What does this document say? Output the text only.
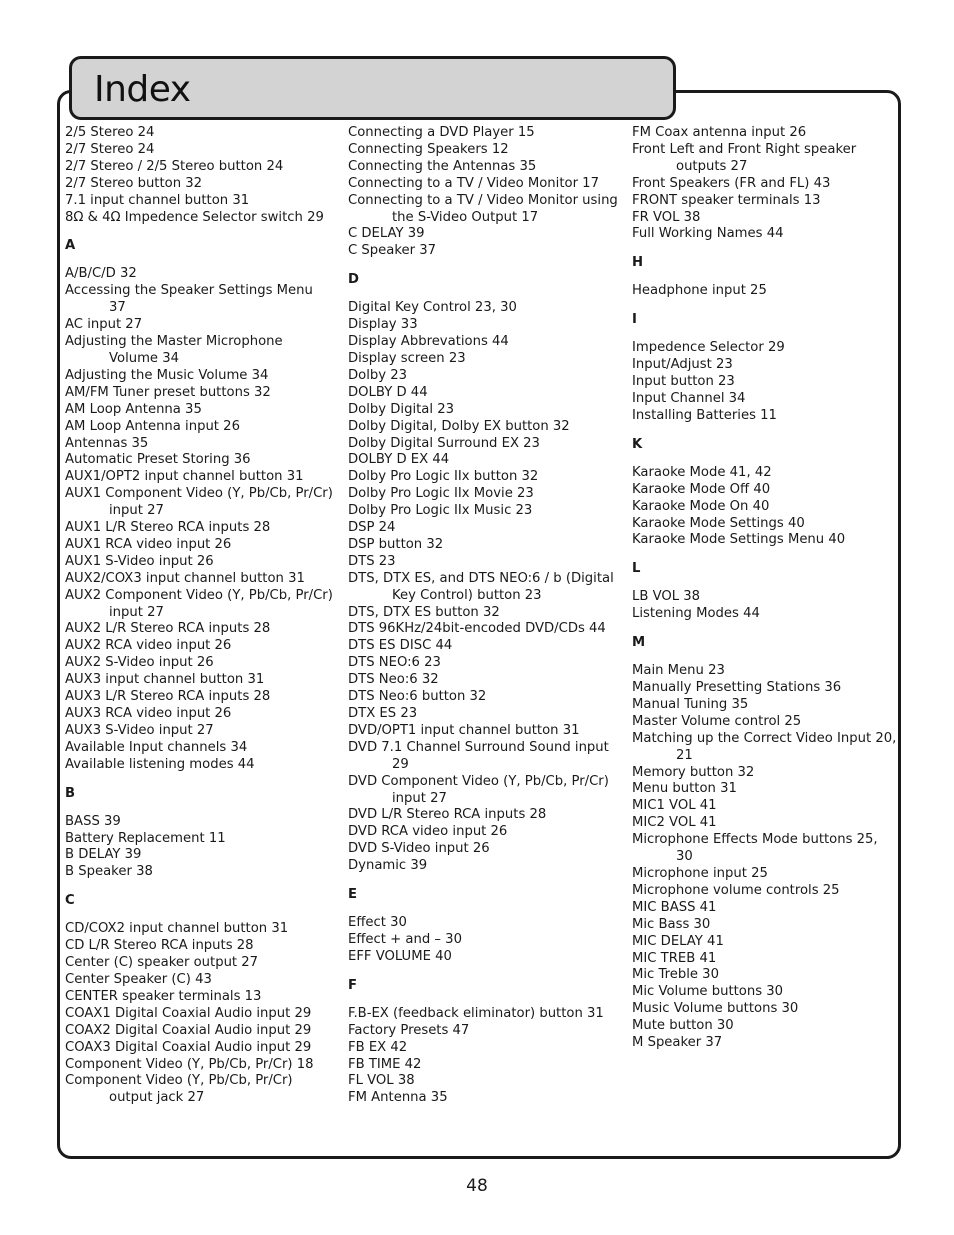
Index
2/5 Stereo 24
2/7 Stereo 24
2/7 Stereo / 2/5 Stereo button 24
2/7 Stereo button 32
7.1 input channel button 31
8Ω & 4Ω Impedence Selector switch 29
A
A/B/C/D 32
Accessing the Speaker Settings Menu 37
AC input 27
Adjusting the Master Microphone Volume 34
Adjusting the Music Volume 34
AM/FM Tuner preset buttons 32
AM Loop Antenna 35
AM Loop Antenna input 26
Antennas 35
Automatic Preset Storing 36
AUX1/OPT2 input channel button 31
AUX1 Component Video (Y, Pb/Cb, Pr/Cr) input 27
AUX1 L/R Stereo RCA inputs 28
AUX1 RCA video input 26
AUX1 S-Video input 26
AUX2/COX3 input channel button 31
AUX2 Component Video (Y, Pb/Cb, Pr/Cr) input 27
AUX2 L/R Stereo RCA inputs 28
AUX2 RCA video input 26
AUX2 S-Video input 26
AUX3 input channel button 31
AUX3 L/R Stereo RCA inputs 28
AUX3 RCA video input 26
AUX3 S-Video input 27
Available Input channels 34
Available listening modes 44
B
BASS 39
Battery Replacement 11
B DELAY 39
B Speaker 38
C
CD/COX2 input channel button 31
CD L/R Stereo RCA inputs 28
Center (C) speaker output 27
Center Speaker (C) 43
CENTER speaker terminals 13
COAX1 Digital Coaxial Audio input 29
COAX2 Digital Coaxial Audio input 29
COAX3 Digital Coaxial Audio input 29
Component Video (Y, Pb/Cb, Pr/Cr) 18
Component Video (Y, Pb/Cb, Pr/Cr) output jack 27
Connecting a DVD Player 15
Connecting Speakers 12
Connecting the Antennas 35
Connecting to a TV / Video Monitor 17
Connecting to a TV / Video Monitor using the S-Video Output 17
C DELAY 39
C Speaker 37
D
Digital Key Control 23, 30
Display 33
Display Abbrevations 44
Display screen 23
Dolby 23
DOLBY D 44
Dolby Digital 23
Dolby Digital, Dolby EX button 32
Dolby Digital Surround EX 23
DOLBY D EX 44
Dolby Pro Logic IIx button 32
Dolby Pro Logic IIx Movie 23
Dolby Pro Logic IIx Music 23
DSP 24
DSP button 32
DTS 23
DTS, DTX ES, and DTS NEO:6 / b (Digital Key Control) button 23
DTS, DTX ES button 32
DTS 96KHz/24bit-encoded DVD/CDs 44
DTS ES DISC 44
DTS NEO:6 23
DTS Neo:6 32
DTS Neo:6 button 32
DTX ES 23
DVD/OPT1 input channel button 31
DVD 7.1 Channel Surround Sound input 29
DVD Component Video (Y, Pb/Cb, Pr/Cr) input 27
DVD L/R Stereo RCA inputs 28
DVD RCA video input 26
DVD S-Video input 26
Dynamic 39
E
Effect 30
Effect + and – 30
EFF VOLUME 40
F
F.B-EX (feedback eliminator) button 31
Factory Presets 47
FB EX 42
FB TIME 42
FL VOL 38
FM Antenna 35
FM Coax antenna input 26
Front Left and Front Right speaker outputs 27
Front Speakers (FR and FL) 43
FRONT speaker terminals 13
FR VOL 38
Full Working Names 44
H
Headphone input 25
I
Impedence Selector 29
Input/Adjust 23
Input button 23
Input Channel 34
Installing Batteries 11
K
Karaoke Mode 41, 42
Karaoke Mode Off 40
Karaoke Mode On 40
Karaoke Mode Settings 40
Karaoke Mode Settings Menu 40
L
LB VOL 38
Listening Modes 44
M
Main Menu 23
Manually Presetting Stations 36
Manual Tuning 35
Master Volume control 25
Matching up the Correct Video Input 20, 21
Memory button 32
Menu button 31
MIC1 VOL 41
MIC2 VOL 41
Microphone Effects Mode buttons 25, 30
Microphone input 25
Microphone volume controls 25
MIC BASS 41
Mic Bass 30
MIC DELAY 41
MIC TREB 41
Mic Treble 30
Mic Volume buttons 30
Music Volume buttons 30
Mute button 30
M Speaker 37
48
